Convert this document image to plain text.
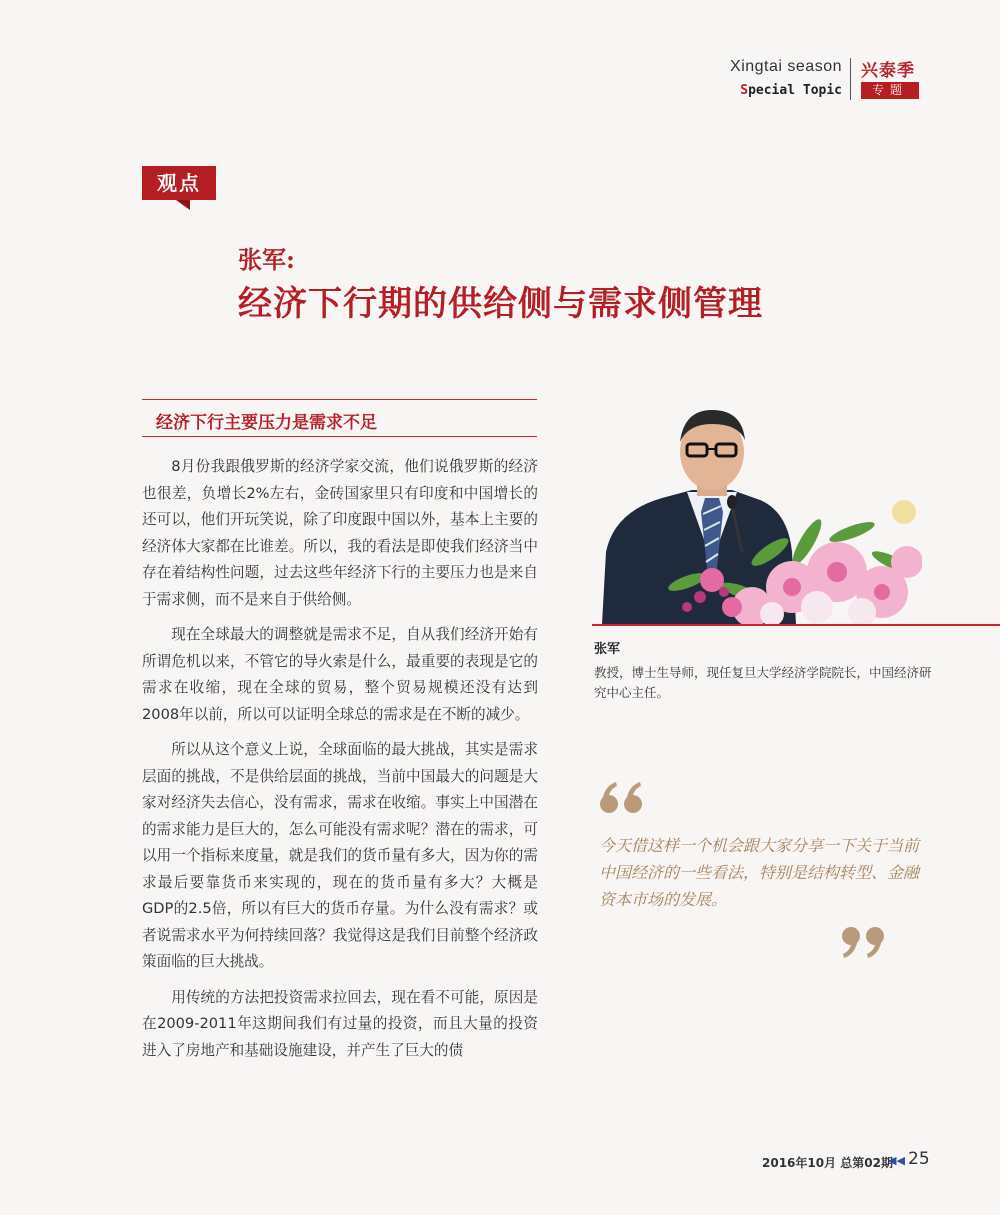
Xingtai season
Special Topic
兴泰季
专题
观点
张军:
经济下行期的供给侧与需求侧管理
经济下行主要压力是需求不足

8月份我跟俄罗斯的经济学家交流，他们说俄罗斯的经济也很差，负增长2%左右，金砖国家里只有印度和中国增长的还可以，他们开玩笑说，除了印度跟中国以外，基本上主要的经济体大家都在比谁差。所以，我的看法是即使我们经济当中存在着结构性问题，过去这些年经济下行的主要压力也是来自于需求侧，而不是来自于供给侧。

现在全球最大的调整就是需求不足，自从我们经济开始有所谓危机以来，不管它的导火索是什么，最重要的表现是它的需求在收缩，现在全球的贸易，整个贸易规模还没有达到2008年以前，所以可以证明全球总的需求是在不断的减少。

所以从这个意义上说，全球面临的最大挑战，其实是需求层面的挑战，不是供给层面的挑战，当前中国最大的问题是大家对经济失去信心，没有需求，需求在收缩。事实上中国潜在的需求能力是巨大的，怎么可能没有需求呢？潜在的需求，可以用一个指标来度量，就是我们的货币量有多大，因为你的需求最后要靠货币来实现的，现在的货币量有多大？大概是GDP的2.5倍，所以有巨大的货币存量。为什么没有需求？或者说需求水平为何持续回落？我觉得这是我们目前整个经济政策面临的巨大挑战。

用传统的方法把投资需求拉回去，现在看不可能，原因是在2009-2011年这期间我们有过量的投资，而且大量的投资进入了房地产和基础设施建设，并产生了巨大的债

张军
教授，博士生导师，现任复旦大学经济学院院长，中国经济研究中心主任。
今天借这样一个机会跟大家分享一下关于当前中国经济的一些看法，特别是结构转型、金融资本市场的发展。
2016年10月 总第02期
◀◀ 25
